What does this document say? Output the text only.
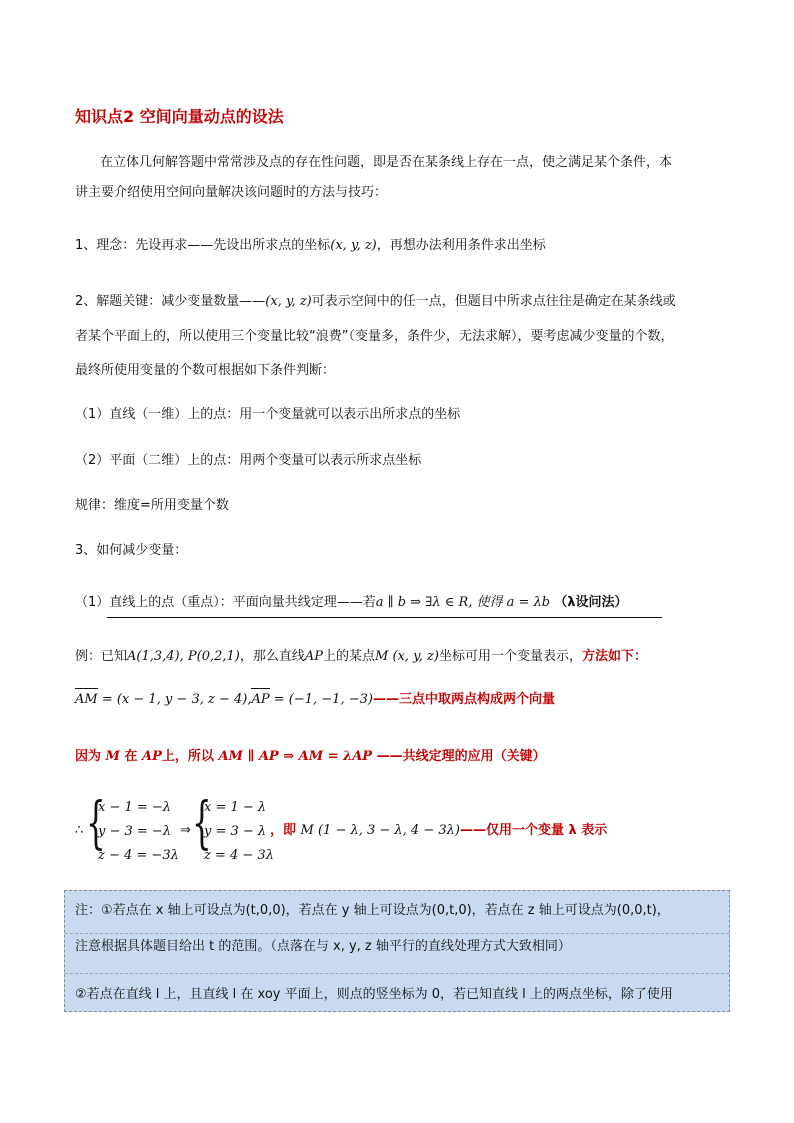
知识点2 空间向量动点的设法
在立体几何解答题中常常涉及点的存在性问题，即是否在某条线上存在一点，使之满足某个条件，本
讲主要介绍使用空间向量解决该问题时的方法与技巧：
1、理念：先设再求——先设出所求点的坐标(x, y, z)，再想办法利用条件求出坐标
2、解题关键：减少变量数量——(x, y, z)可表示空间中的任一点，但题目中所求点往往是确定在某条线或
者某个平面上的，所以使用三个变量比较“浪费”（变量多，条件少，无法求解），要考虑减少变量的个数，
最终所使用变量的个数可根据如下条件判断：
（1）直线（一维）上的点：用一个变量就可以表示出所求点的坐标
（2）平面（二维）上的点：用两个变量可以表示所求点坐标
规律：维度=所用变量个数
3、如何减少变量：
（1）直线上的点（重点）：平面向量共线定理——若a ∥ b ⇒ ∃λ ∈ R, 使得 a = λb （λ设问法）
例：已知A(1,3,4), P(0,2,1)，那么直线AP上的某点M (x, y, z)坐标可用一个变量表示，方法如下：
AM = (x − 1, y − 3, z − 4),AP = (−1, −1, −3)——三点中取两点构成两个向量
因为 M 在 AP上，所以 AM ∥ AP ⇒ AM = λAP ——共线定理的应用（关键）
∴ {
x − 1 = −λ
y − 3 = −λ
z − 4 = −3λ
⇒ {
x = 1 − λ
y = 3 − λ
z = 4 − 3λ
，即 M (1 − λ, 3 − λ, 4 − 3λ)——仅用一个变量 λ 表示
注：①若点在 x 轴上可设点为(t,0,0)，若点在 y 轴上可设点为(0,t,0)，若点在 z 轴上可设点为(0,0,t)，
注意根据具体题目给出 t 的范围。（点落在与 x, y, z 轴平行的直线处理方式大致相同）
②若点在直线 l 上，且直线 l 在 xoy 平面上，则点的竖坐标为 0，若已知直线 l 上的两点坐标，除了使用
